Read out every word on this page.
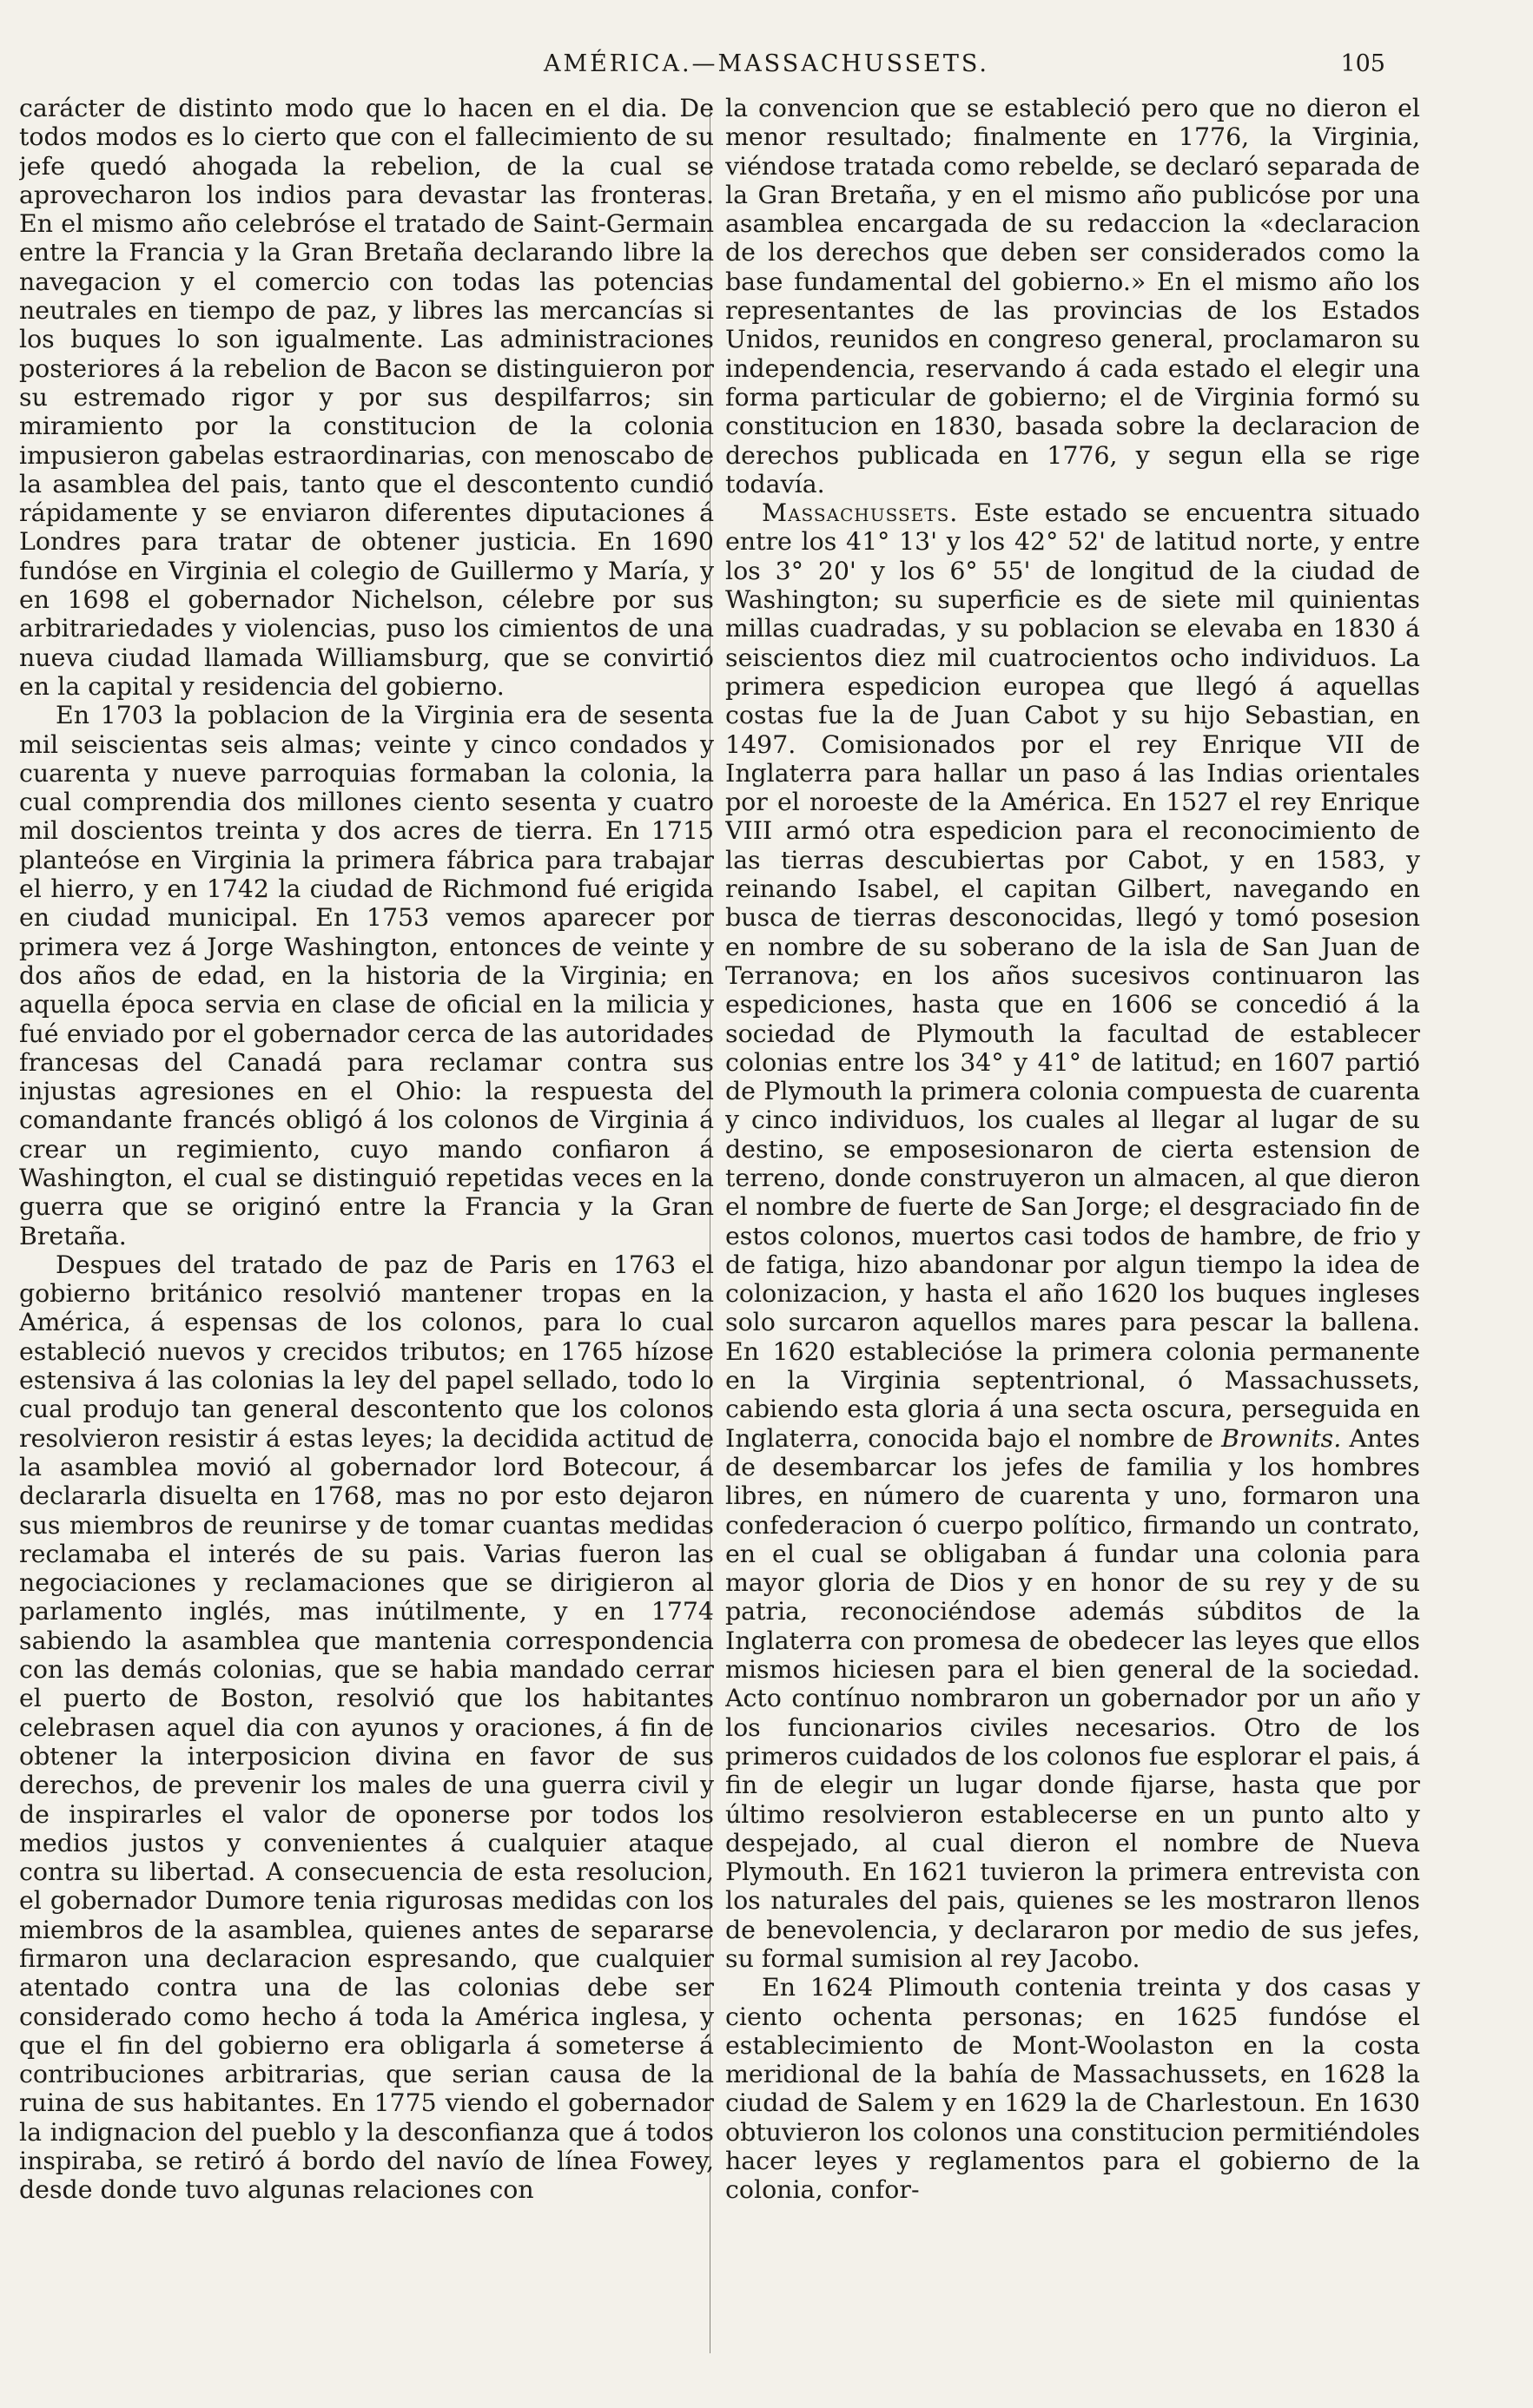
AMÉRICA.—MASSACHUSSETS.	105

carácter de distinto modo que lo hacen en el dia. De todos modos es lo cierto que con el fallecimiento de su jefe quedó ahogada la rebelion, de la cual se aprovecharon los indios para devastar las fronteras. En el mismo año celebróse el tratado de Saint-Germain entre la Francia y la Gran Bretaña declarando libre la navegacion y el comercio con todas las potencias neutrales en tiempo de paz, y libres las mercancías si los buques lo son igualmente. Las administraciones posteriores á la rebelion de Bacon se distinguieron por su estremado rigor y por sus despilfarros; sin miramiento por la constitucion de la colonia impusieron gabelas estraordinarias, con menoscabo de la asamblea del pais, tanto que el descontento cundió rápidamente y se enviaron diferentes diputaciones á Londres para tratar de obtener justicia. En 1690 fundóse en Virginia el colegio de Guillermo y María, y en 1698 el gobernador Nichelson, célebre por sus arbitrariedades y violencias, puso los cimientos de una nueva ciudad llamada Williamsburg, que se convirtió en la capital y residencia del gobierno.

En 1703 la poblacion de la Virginia era de sesenta mil seiscientas seis almas; veinte y cinco condados y cuarenta y nueve parroquias formaban la colonia, la cual comprendia dos millones ciento sesenta y cuatro mil doscientos treinta y dos acres de tierra. En 1715 planteóse en Virginia la primera fábrica para trabajar el hierro, y en 1742 la ciudad de Richmond fué erigida en ciudad municipal. En 1753 vemos aparecer por primera vez á Jorge Washington, entonces de veinte y dos años de edad, en la historia de la Virginia; en aquella época servia en clase de oficial en la milicia y fué enviado por el gobernador cerca de las autoridades francesas del Canadá para reclamar contra sus injustas agresiones en el Ohio: la respuesta del comandante francés obligó á los colonos de Virginia á crear un regimiento, cuyo mando confiaron á Washington, el cual se distinguió repetidas veces en la guerra que se originó entre la Francia y la Gran Bretaña.

Despues del tratado de paz de Paris en 1763 el gobierno británico resolvió mantener tropas en la América, á espensas de los colonos, para lo cual estableció nuevos y crecidos tributos; en 1765 hízose estensiva á las colonias la ley del papel sellado, todo lo cual produjo tan general descontento que los colonos resolvieron resistir á estas leyes; la decidida actitud de la asamblea movió al gobernador lord Botecour, á declararla disuelta en 1768, mas no por esto dejaron sus miembros de reunirse y de tomar cuantas medidas reclamaba el interés de su pais. Varias fueron las negociaciones y reclamaciones que se dirigieron al parlamento inglés, mas inútilmente, y en 1774 sabiendo la asamblea que mantenia correspondencia con las demás colonias, que se habia mandado cerrar el puerto de Boston, resolvió que los habitantes celebrasen aquel dia con ayunos y oraciones, á fin de obtener la interposicion divina en favor de sus derechos, de prevenir los males de una guerra civil y de inspirarles el valor de oponerse por todos los medios justos y convenientes á cualquier ataque contra su libertad. A consecuencia de esta resolucion, el gobernador Dumore tenia rigurosas medidas con los miembros de la asamblea, quienes antes de separarse firmaron una declaracion espresando, que cualquier atentado contra una de las colonias debe ser considerado como hecho á toda la América inglesa, y que el fin del gobierno era obligarla á someterse á contribuciones arbitrarias, que serian causa de la ruina de sus habitantes. En 1775 viendo el gobernador la indignacion del pueblo y la desconfianza que á todos inspiraba, se retiró á bordo del navío de línea Fowey, desde donde tuvo algunas relaciones con

la convencion que se estableció pero que no dieron el menor resultado; finalmente en 1776, la Virginia, viéndose tratada como rebelde, se declaró separada de la Gran Bretaña, y en el mismo año publicóse por una asamblea encargada de su redaccion la «declaracion de los derechos que deben ser considerados como la base fundamental del gobierno.» En el mismo año los representantes de las provincias de los Estados Unidos, reunidos en congreso general, proclamaron su independencia, reservando á cada estado el elegir una forma particular de gobierno; el de Virginia formó su constitucion en 1830, basada sobre la declaracion de derechos publicada en 1776, y segun ella se rige todavía.

Massachussets. Este estado se encuentra situado entre los 41° 13' y los 42° 52' de latitud norte, y entre los 3° 20' y los 6° 55' de longitud de la ciudad de Washington; su superficie es de siete mil quinientas millas cuadradas, y su poblacion se elevaba en 1830 á seiscientos diez mil cuatrocientos ocho individuos. La primera espedicion europea que llegó á aquellas costas fue la de Juan Cabot y su hijo Sebastian, en 1497. Comisionados por el rey Enrique VII de Inglaterra para hallar un paso á las Indias orientales por el noroeste de la América. En 1527 el rey Enrique VIII armó otra espedicion para el reconocimiento de las tierras descubiertas por Cabot, y en 1583, y reinando Isabel, el capitan Gilbert, navegando en busca de tierras desconocidas, llegó y tomó posesion en nombre de su soberano de la isla de San Juan de Terranova; en los años sucesivos continuaron las espediciones, hasta que en 1606 se concedió á la sociedad de Plymouth la facultad de establecer colonias entre los 34° y 41° de latitud; en 1607 partió de Plymouth la primera colonia compuesta de cuarenta y cinco individuos, los cuales al llegar al lugar de su destino, se emposesionaron de cierta estension de terreno, donde construyeron un almacen, al que dieron el nombre de fuerte de San Jorge; el desgraciado fin de estos colonos, muertos casi todos de hambre, de frio y de fatiga, hizo abandonar por algun tiempo la idea de colonizacion, y hasta el año 1620 los buques ingleses solo surcaron aquellos mares para pescar la ballena. En 1620 establecióse la primera colonia permanente en la Virginia septentrional, ó Massachussets, cabiendo esta gloria á una secta oscura, perseguida en Inglaterra, conocida bajo el nombre de Brownits. Antes de desembarcar los jefes de familia y los hombres libres, en número de cuarenta y uno, formaron una confederacion ó cuerpo político, firmando un contrato, en el cual se obligaban á fundar una colonia para mayor gloria de Dios y en honor de su rey y de su patria, reconociéndose además súbditos de la Inglaterra con promesa de obedecer las leyes que ellos mismos hiciesen para el bien general de la sociedad. Acto contínuo nombraron un gobernador por un año y los funcionarios civiles necesarios. Otro de los primeros cuidados de los colonos fue esplorar el pais, á fin de elegir un lugar donde fijarse, hasta que por último resolvieron establecerse en un punto alto y despejado, al cual dieron el nombre de Nueva Plymouth. En 1621 tuvieron la primera entrevista con los naturales del pais, quienes se les mostraron llenos de benevolencia, y declararon por medio de sus jefes, su formal sumision al rey Jacobo.

En 1624 Plimouth contenia treinta y dos casas y ciento ochenta personas; en 1625 fundóse el establecimiento de Mont-Woolaston en la costa meridional de la bahía de Massachussets, en 1628 la ciudad de Salem y en 1629 la de Charlestoun. En 1630 obtuvieron los colonos una constitucion permitiéndoles hacer leyes y reglamentos para el gobierno de la colonia, confor-
